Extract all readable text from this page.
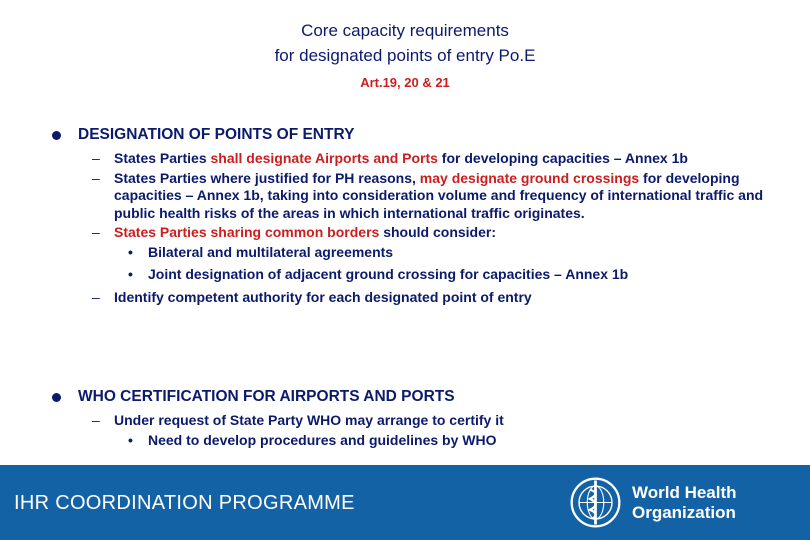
Core capacity requirements
for designated points of entry Po.E
Art.19, 20 & 21
DESIGNATION OF POINTS OF ENTRY
– States Parties shall designate Airports and Ports for developing capacities – Annex 1b
– States Parties where justified for PH reasons, may designate ground crossings for developing capacities – Annex 1b, taking into consideration volume and frequency of international traffic and public health risks of the areas in which international traffic originates.
– States Parties sharing common borders should consider:
• Bilateral and multilateral agreements
• Joint designation of adjacent ground crossing for capacities – Annex 1b
– Identify competent authority for each designated point of entry
WHO CERTIFICATION FOR AIRPORTS AND PORTS
– Under request of State Party WHO may arrange to certify it
• Need to develop procedures and guidelines by WHO
IHR COORDINATION PROGRAMME	World Health
Organization
